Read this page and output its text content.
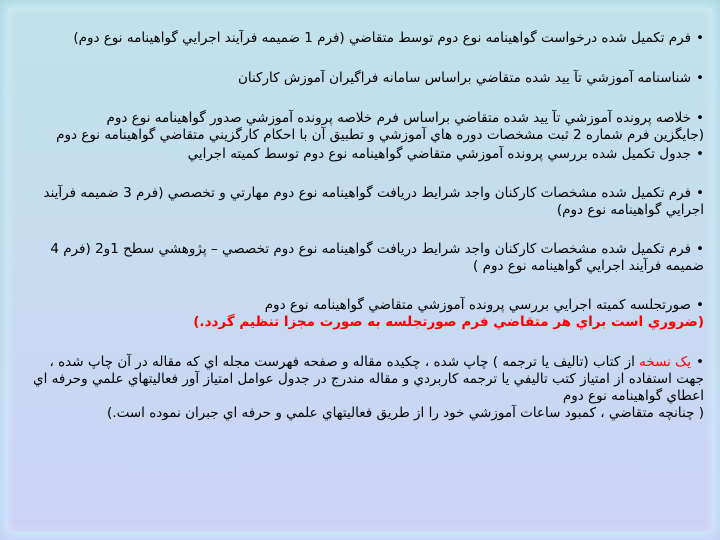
•فرم تكميل شده درخواست گواهينامه نوع دوم توسط متقاضي (فرم 1 ضميمه فرآيند اجرايي گواهينامه نوع دوم)

•شناسنامه آموزشي تآ ييد شده متقاضي براساس سامانه فراگيران آموزش كاركنان

•خلاصه پرونده آموزشي تآ ييد شده متقاضي براساس فرم خلاصه پرونده آموزشي صدور گواهينامه نوع دوم

(جايگزين فرم شماره 2 ثبت مشخصات دوره هاي آموزشي و تطبيق آن با احكام كارگزيني متقاضي گواهينامه نوع دوم

•جدول تكميل شده بررسي پرونده آموزشي متقاضي گواهينامه نوع دوم توسط كميته اجرايي

•فرم تكميل شده مشخصات كاركنان واجد شرايط دريافت گواهينامه نوع دوم مهارتي و تخصصي (فرم 3 ضميمه فرآيند اجرايي گواهينامه نوع دوم)

•فرم تكميل شده مشخصات كاركنان واجد شرايط دريافت گواهينامه نوع دوم تخصصي – پژوهشي سطح 1و2 (فرم 4 ضميمه فرآيند اجرايي گواهينامه نوع دوم )

•صورتجلسه كميته اجرايي بررسي پرونده آموزشي متقاضي گواهينامه نوع دوم

(ضروري است براي هر متقاضي فرم صورتجلسه به صورت مجزا تنظيم گردد.)

•يک نسخه از كتاب (تاليف يا ترجمه ) چاپ شده ، چكيده مقاله و صفحه فهرست مجله اي كه مقاله در آن چاپ شده ، جهت استفاده از امتياز كتب تاليفي يا ترجمه كاربردي و مقاله مندرج در جدول عوامل امتياز آور فعاليتهاي علمي وحرفه اي اعطاي گواهينامه نوع دوم

( چنانچه متقاضي ، كمبود ساعات آموزشي خود را از طريق فعاليتهاي علمي و حرفه اي جبران نموده است.)
